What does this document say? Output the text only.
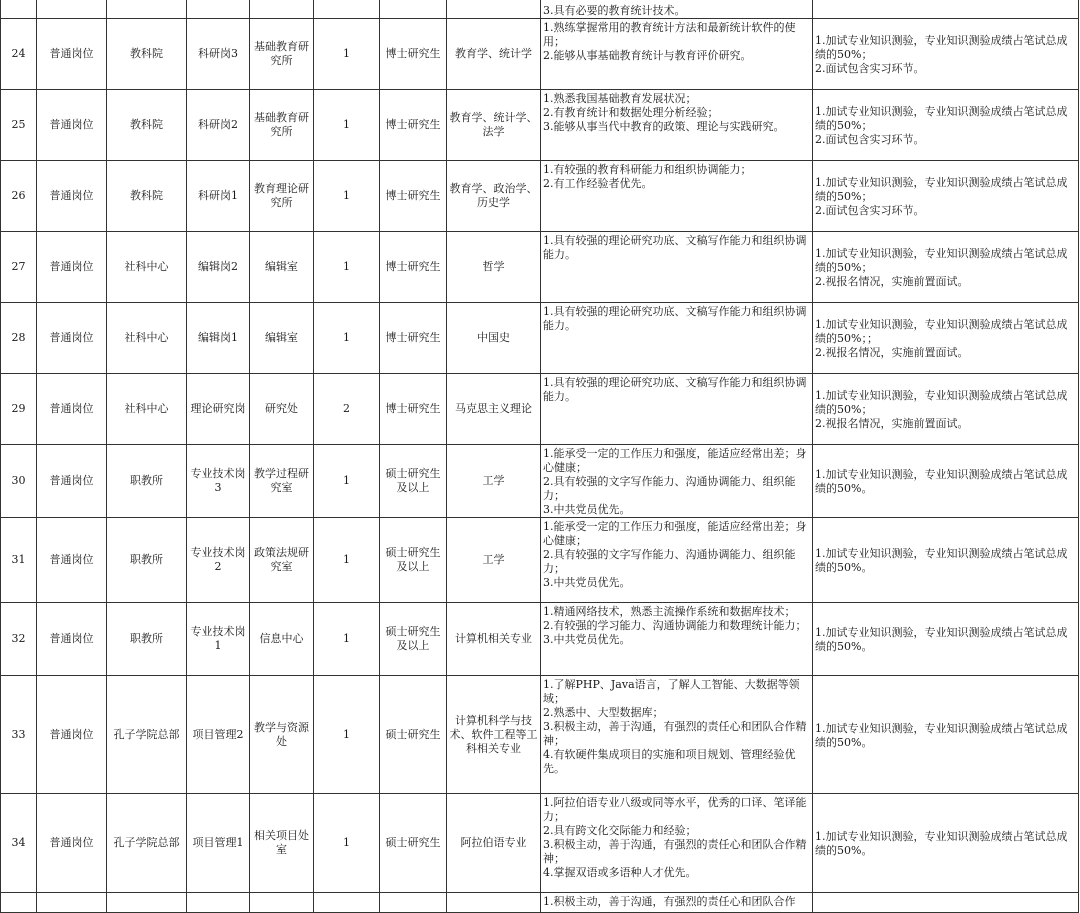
								3.具有必要的教育统计技术。	

24	普通岗位	教科院	科研岗3	基础教育研究所	1	博士研究生	教育学、统计学	1.熟练掌握常用的教育统计方法和最新统计软件的使用；
2.能够从事基础教育统计与教育评价研究。	1.加试专业知识测验，专业知识测验成绩占笔试总成绩的50%；
2.面试包含实习环节。

25	普通岗位	教科院	科研岗2	基础教育研究所	1	博士研究生	教育学、统计学、法学	1.熟悉我国基础教育发展状况；
2.有教育统计和数据处理分析经验；
3.能够从事当代中教育的政策、理论与实践研究。	1.加试专业知识测验，专业知识测验成绩占笔试总成绩的50%；
2.面试包含实习环节。

26	普通岗位	教科院	科研岗1	教育理论研究所	1	博士研究生	教育学、政治学、历史学	1.有较强的教育科研能力和组织协调能力；
2.有工作经验者优先。	1.加试专业知识测验，专业知识测验成绩占笔试总成绩的50%；
2.面试包含实习环节。

27	普通岗位	社科中心	编辑岗2	编辑室	1	博士研究生	哲学	1.具有较强的理论研究功底、文稿写作能力和组织协调能力。	1.加试专业知识测验，专业知识测验成绩占笔试总成绩的50%；
2.视报名情况，实施前置面试。

28	普通岗位	社科中心	编辑岗1	编辑室	1	博士研究生	中国史	1.具有较强的理论研究功底、文稿写作能力和组织协调能力。	1.加试专业知识测验，专业知识测验成绩占笔试总成绩的50%；；
2.视报名情况，实施前置面试。

29	普通岗位	社科中心	理论研究岗	研究处	2	博士研究生	马克思主义理论	1.具有较强的理论研究功底、文稿写作能力和组织协调能力。	1.加试专业知识测验，专业知识测验成绩占笔试总成绩的50%；
2.视报名情况，实施前置面试。

30	普通岗位	职教所	专业技术岗3	教学过程研究室	1	硕士研究生及以上	工学	1.能承受一定的工作压力和强度，能适应经常出差；身心健康；
2.具有较强的文字写作能力、沟通协调能力、组织能力；
3.中共党员优先。	1.加试专业知识测验，专业知识测验成绩占笔试总成绩的50%。

31	普通岗位	职教所	专业技术岗2	政策法规研究室	1	硕士研究生及以上	工学	1.能承受一定的工作压力和强度，能适应经常出差；身心健康；
2.具有较强的文字写作能力、沟通协调能力、组织能力；
3.中共党员优先。	1.加试专业知识测验，专业知识测验成绩占笔试总成绩的50%。

32	普通岗位	职教所	专业技术岗1	信息中心	1	硕士研究生及以上	计算机相关专业	1.精通网络技术，熟悉主流操作系统和数据库技术；
2.有较强的学习能力、沟通协调能力和数理统计能力；
3.中共党员优先。	1.加试专业知识测验，专业知识测验成绩占笔试总成绩的50%。

33	普通岗位	孔子学院总部	项目管理2	教学与资源处	1	硕士研究生	计算机科学与技术、软件工程等工科相关专业	1.了解PHP、Java语言，了解人工智能、大数据等领域；
2.熟悉中、大型数据库；
3.积极主动，善于沟通，有强烈的责任心和团队合作精神；
4.有软硬件集成项目的实施和项目规划、管理经验优先。	1.加试专业知识测验，专业知识测验成绩占笔试总成绩的50%。

34	普通岗位	孔子学院总部	项目管理1	相关项目处室	1	硕士研究生	阿拉伯语专业	1.阿拉伯语专业八级或同等水平，优秀的口译、笔译能力；
2.具有跨文化交际能力和经验；
3.积极主动，善于沟通，有强烈的责任心和团队合作精神；
4.掌握双语或多语种人才优先。	1.加试专业知识测验，专业知识测验成绩占笔试总成绩的50%。

								1.积极主动，善于沟通，有强烈的责任心和团队合作	
